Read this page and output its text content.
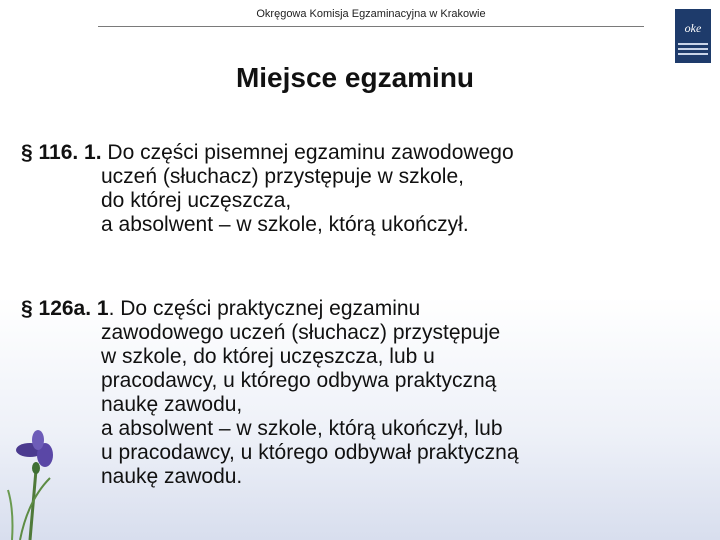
Okręgowa Komisja Egzaminacyjna w Krakowie
oke
Miejsce egzaminu
§ 116. 1. Do części pisemnej egzaminu zawodowego
uczeń (słuchacz) przystępuje w szkole,
do której uczęszcza,
a absolwent – w szkole, którą ukończył.
§ 126a. 1. Do części praktycznej egzaminu
zawodowego uczeń (słuchacz) przystępuje
w szkole, do której uczęszcza, lub u
pracodawcy, u którego odbywa praktyczną
naukę zawodu,
a absolwent – w szkole, którą ukończył, lub
u pracodawcy, u którego odbywał praktyczną
naukę zawodu.
